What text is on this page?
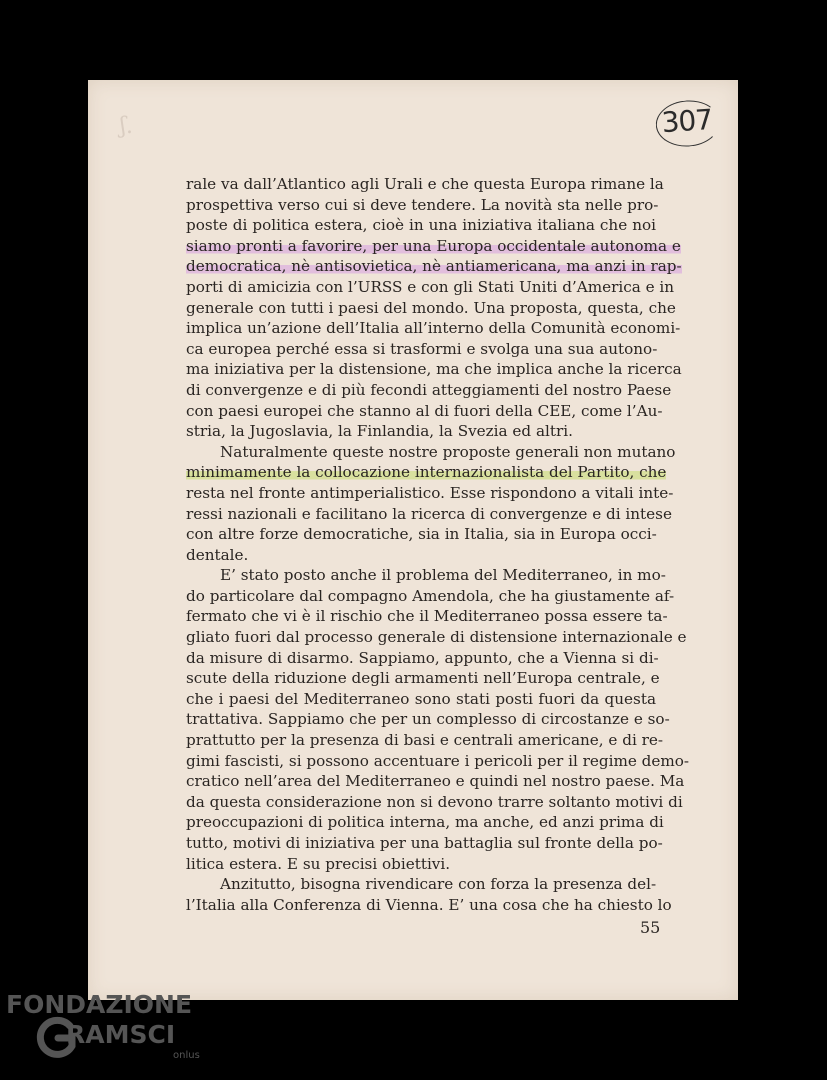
ʃ.	307
rale va dall’Atlantico agli Urali e che questa Europa rimane la
prospettiva verso cui si deve tendere. La novità sta nelle pro-
poste di politica estera, cioè in una iniziativa italiana che noi
siamo pronti a favorire, per una Europa occidentale autonoma e
democratica, nè antisovietica, nè antiamericana, ma anzi in rap-
porti di amicizia con l’URSS e con gli Stati Uniti d’America e in
generale con tutti i paesi del mondo. Una proposta, questa, che
implica un’azione dell’Italia all’interno della Comunità economi-
ca europea perché essa si trasformi e svolga una sua autono-
ma iniziativa per la distensione, ma che implica anche la ricerca
di convergenze e di più fecondi atteggiamenti del nostro Paese
con paesi europei che stanno al di fuori della CEE, come l’Au-
stria, la Jugoslavia, la Finlandia, la Svezia ed altri.
Naturalmente queste nostre proposte generali non mutano
minimamente la collocazione internazionalista del Partito, che
resta nel fronte antimperialistico. Esse rispondono a vitali inte-
ressi nazionali e facilitano la ricerca di convergenze e di intese
con altre forze democratiche, sia in Italia, sia in Europa occi-
dentale.
E’ stato posto anche il problema del Mediterraneo, in mo-
do particolare dal compagno Amendola, che ha giustamente af-
fermato che vi è il rischio che il Mediterraneo possa essere ta-
gliato fuori dal processo generale di distensione internazionale e
da misure di disarmo. Sappiamo, appunto, che a Vienna si di-
scute della riduzione degli armamenti nell’Europa centrale, e
che i paesi del Mediterraneo sono stati posti fuori da questa
trattativa. Sappiamo che per un complesso di circostanze e so-
prattutto per la presenza di basi e centrali americane, e di re-
gimi fascisti, si possono accentuare i pericoli per il regime demo-
cratico nell’area del Mediterraneo e quindi nel nostro paese. Ma
da questa considerazione non si devono trarre soltanto motivi di
preoccupazioni di politica interna, ma anche, ed anzi prima di
tutto, motivi di iniziativa per una battaglia sul fronte della po-
litica estera. E su precisi obiettivi.
Anzitutto, bisogna rivendicare con forza la presenza del-
l’Italia alla Conferenza di Vienna. E’ una cosa che ha chiesto lo
55
FONDAZIONE
RAMSCI
onlus
